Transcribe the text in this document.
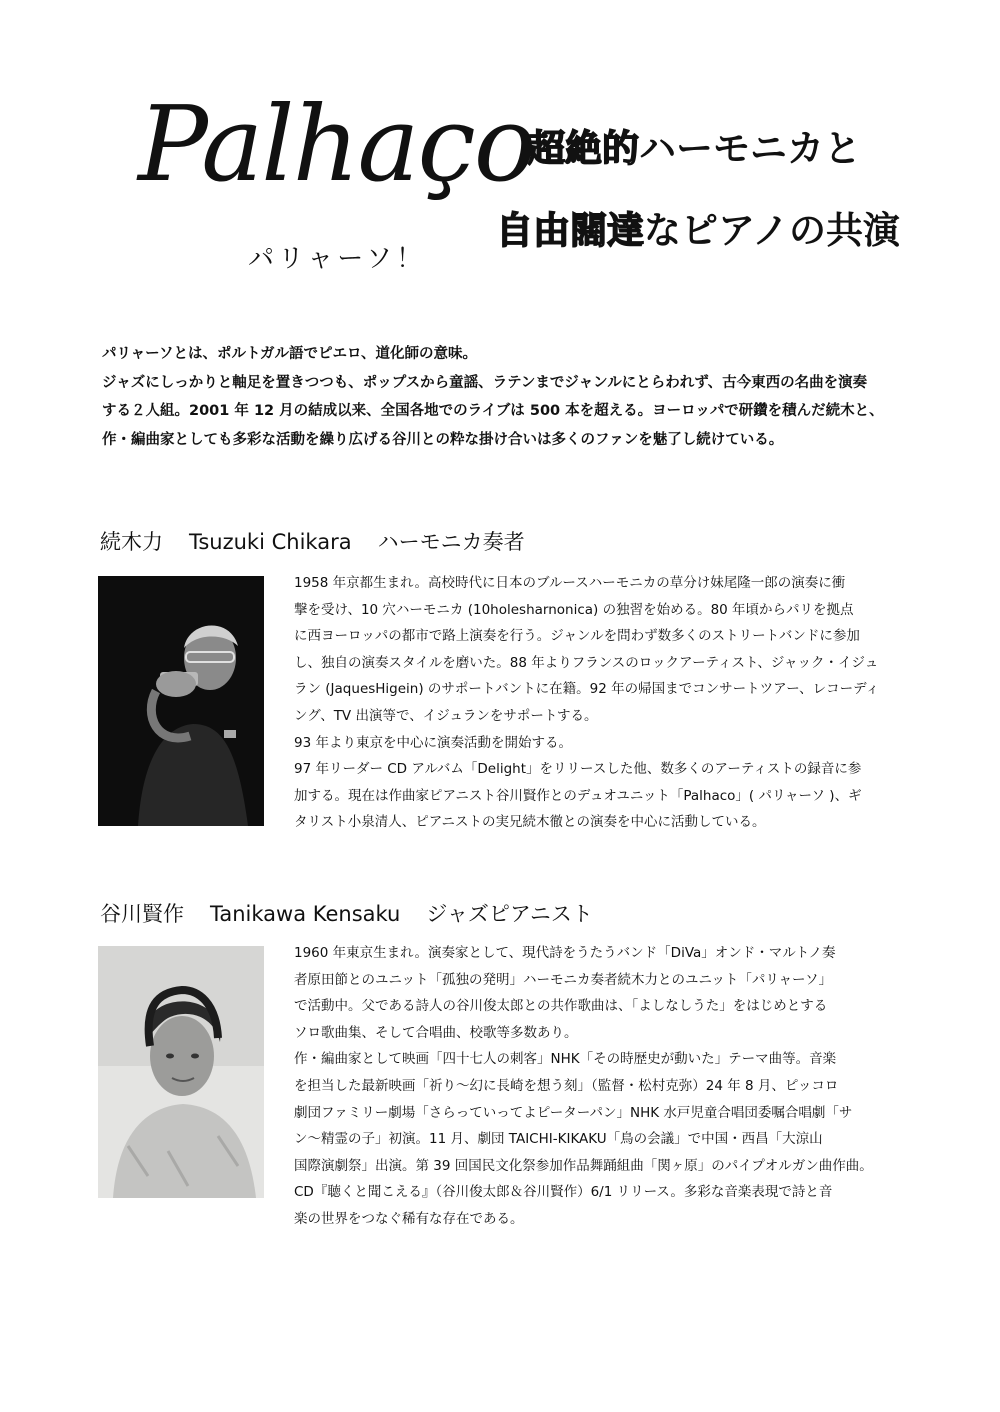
Palhaço
パリャーソ！
超絶的ハーモニカと
自由闊達なピアノの共演

パリャーソとは、ポルトガル語でピエロ、道化師の意味。

ジャズにしっかりと軸足を置きつつも、ポップスから童謡、ラテンまでジャンルにとらわれず、古今東西の名曲を演奏

する２人組。2001 年 12 月の結成以来、全国各地でのライブは 500 本を超える。ヨーロッパで研鑽を積んだ続木と、

作・編曲家としても多彩な活動を繰り広げる谷川との粋な掛け合いは多くのファンを魅了し続けている。

続木力 Tsuzuki Chikara ハーモニカ奏者

1958 年京都生まれ。高校時代に日本のブルースハーモニカの草分け妹尾隆一郎の演奏に衝

撃を受け、10 穴ハーモニカ (10holesharnonica) の独習を始める。80 年頃からパリを拠点

に西ヨーロッパの都市で路上演奏を行う。ジャンルを問わず数多くのストリートバンドに参加

し、独自の演奏スタイルを磨いた。88 年よりフランスのロックアーティスト、ジャック・イジュ

ラン (JaquesHigein) のサポートバントに在籍。92 年の帰国までコンサートツアー、レコーディ

ング、TV 出演等で、イジュランをサポートする。

93 年より東京を中心に演奏活動を開始する。

97 年リーダー CD アルバム「Delight」をリリースした他、数多くのアーティストの録音に参

加する。現在は作曲家ピアニスト谷川賢作とのデュオユニット「Palhaco」( パリャーソ )、ギ

タリスト小泉清人、ピアニストの実兄続木徹との演奏を中心に活動している。

谷川賢作 Tanikawa Kensaku ジャズピアニスト

1960 年東京生まれ。演奏家として、現代詩をうたうバンド「DiVa」オンド・マルトノ奏

者原田節とのユニット「孤独の発明」ハーモニカ奏者続木力とのユニット「パリャーソ」

で活動中。父である詩人の谷川俊太郎との共作歌曲は、「よしなしうた」をはじめとする

ソロ歌曲集、そして合唱曲、校歌等多数あり。

作・編曲家として映画「四十七人の刺客」NHK「その時歴史が動いた」テーマ曲等。音楽

を担当した最新映画「祈り～幻に長崎を想う刻」（監督・松村克弥）24 年 8 月、ピッコロ

劇団ファミリー劇場「さらっていってよピーターパン」NHK 水戸児童合唱団委嘱合唱劇「サ

ン～精霊の子」初演。11 月、劇団 TAICHI-KIKAKU「鳥の会議」で中国・西昌「大涼山

国際演劇祭」出演。第 39 回国民文化祭参加作品舞踊組曲「関ヶ原」のパイプオルガン曲作曲。

CD『聴くと聞こえる』（谷川俊太郎＆谷川賢作）6/1 リリース。多彩な音楽表現で詩と音

楽の世界をつなぐ稀有な存在である。
